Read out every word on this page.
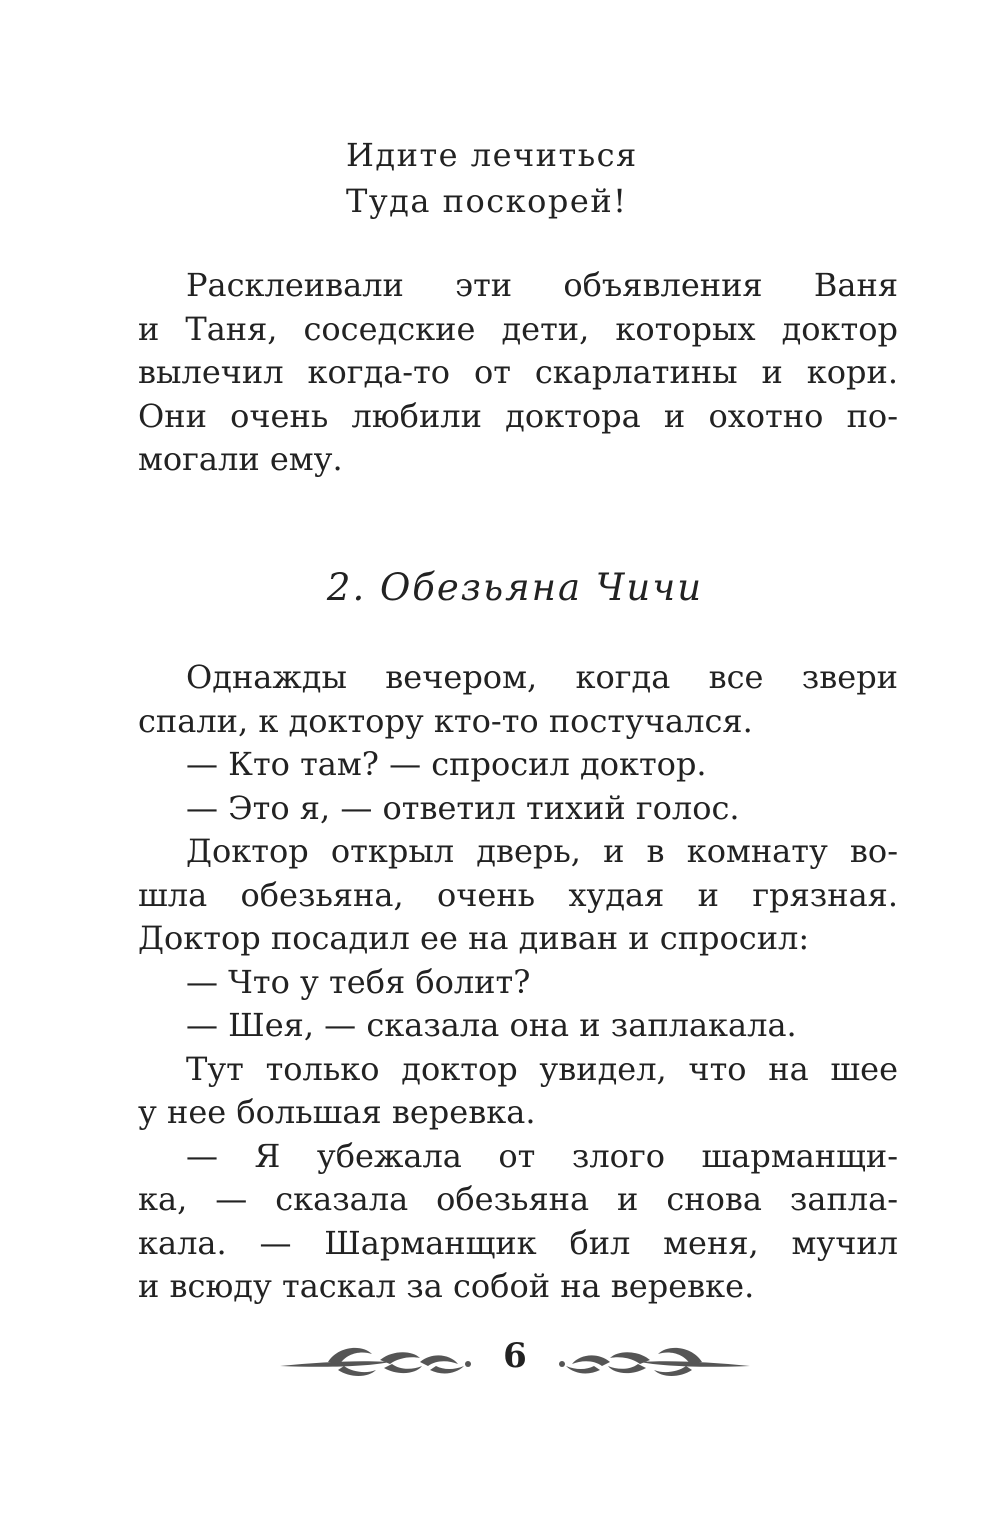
Идите лечиться
Туда поскорей!
Расклеивали эти объявления Ваня
и Таня, соседские дети, которых доктор
вылечил когда-то от скарлатины и кори.
Они очень любили доктора и охотно по-
могали ему.
2. Обезьяна Чичи
Однажды вечером, когда все звери
спали, к доктору кто-то постучался.
— Кто там? — спросил доктор.
— Это я, — ответил тихий голос.
Доктор открыл дверь, и в комнату во-
шла обезьяна, очень худая и грязная.
Доктор посадил ее на диван и спросил:
— Что у тебя болит?
— Шея, — сказала она и заплакала.
Тут только доктор увидел, что на шее
у нее большая веревка.
— Я убежала от злого шарманщи-
ка, — сказала обезьяна и снова запла-
кала. — Шарманщик бил меня, мучил
и всюду таскал за собой на веревке.
6
